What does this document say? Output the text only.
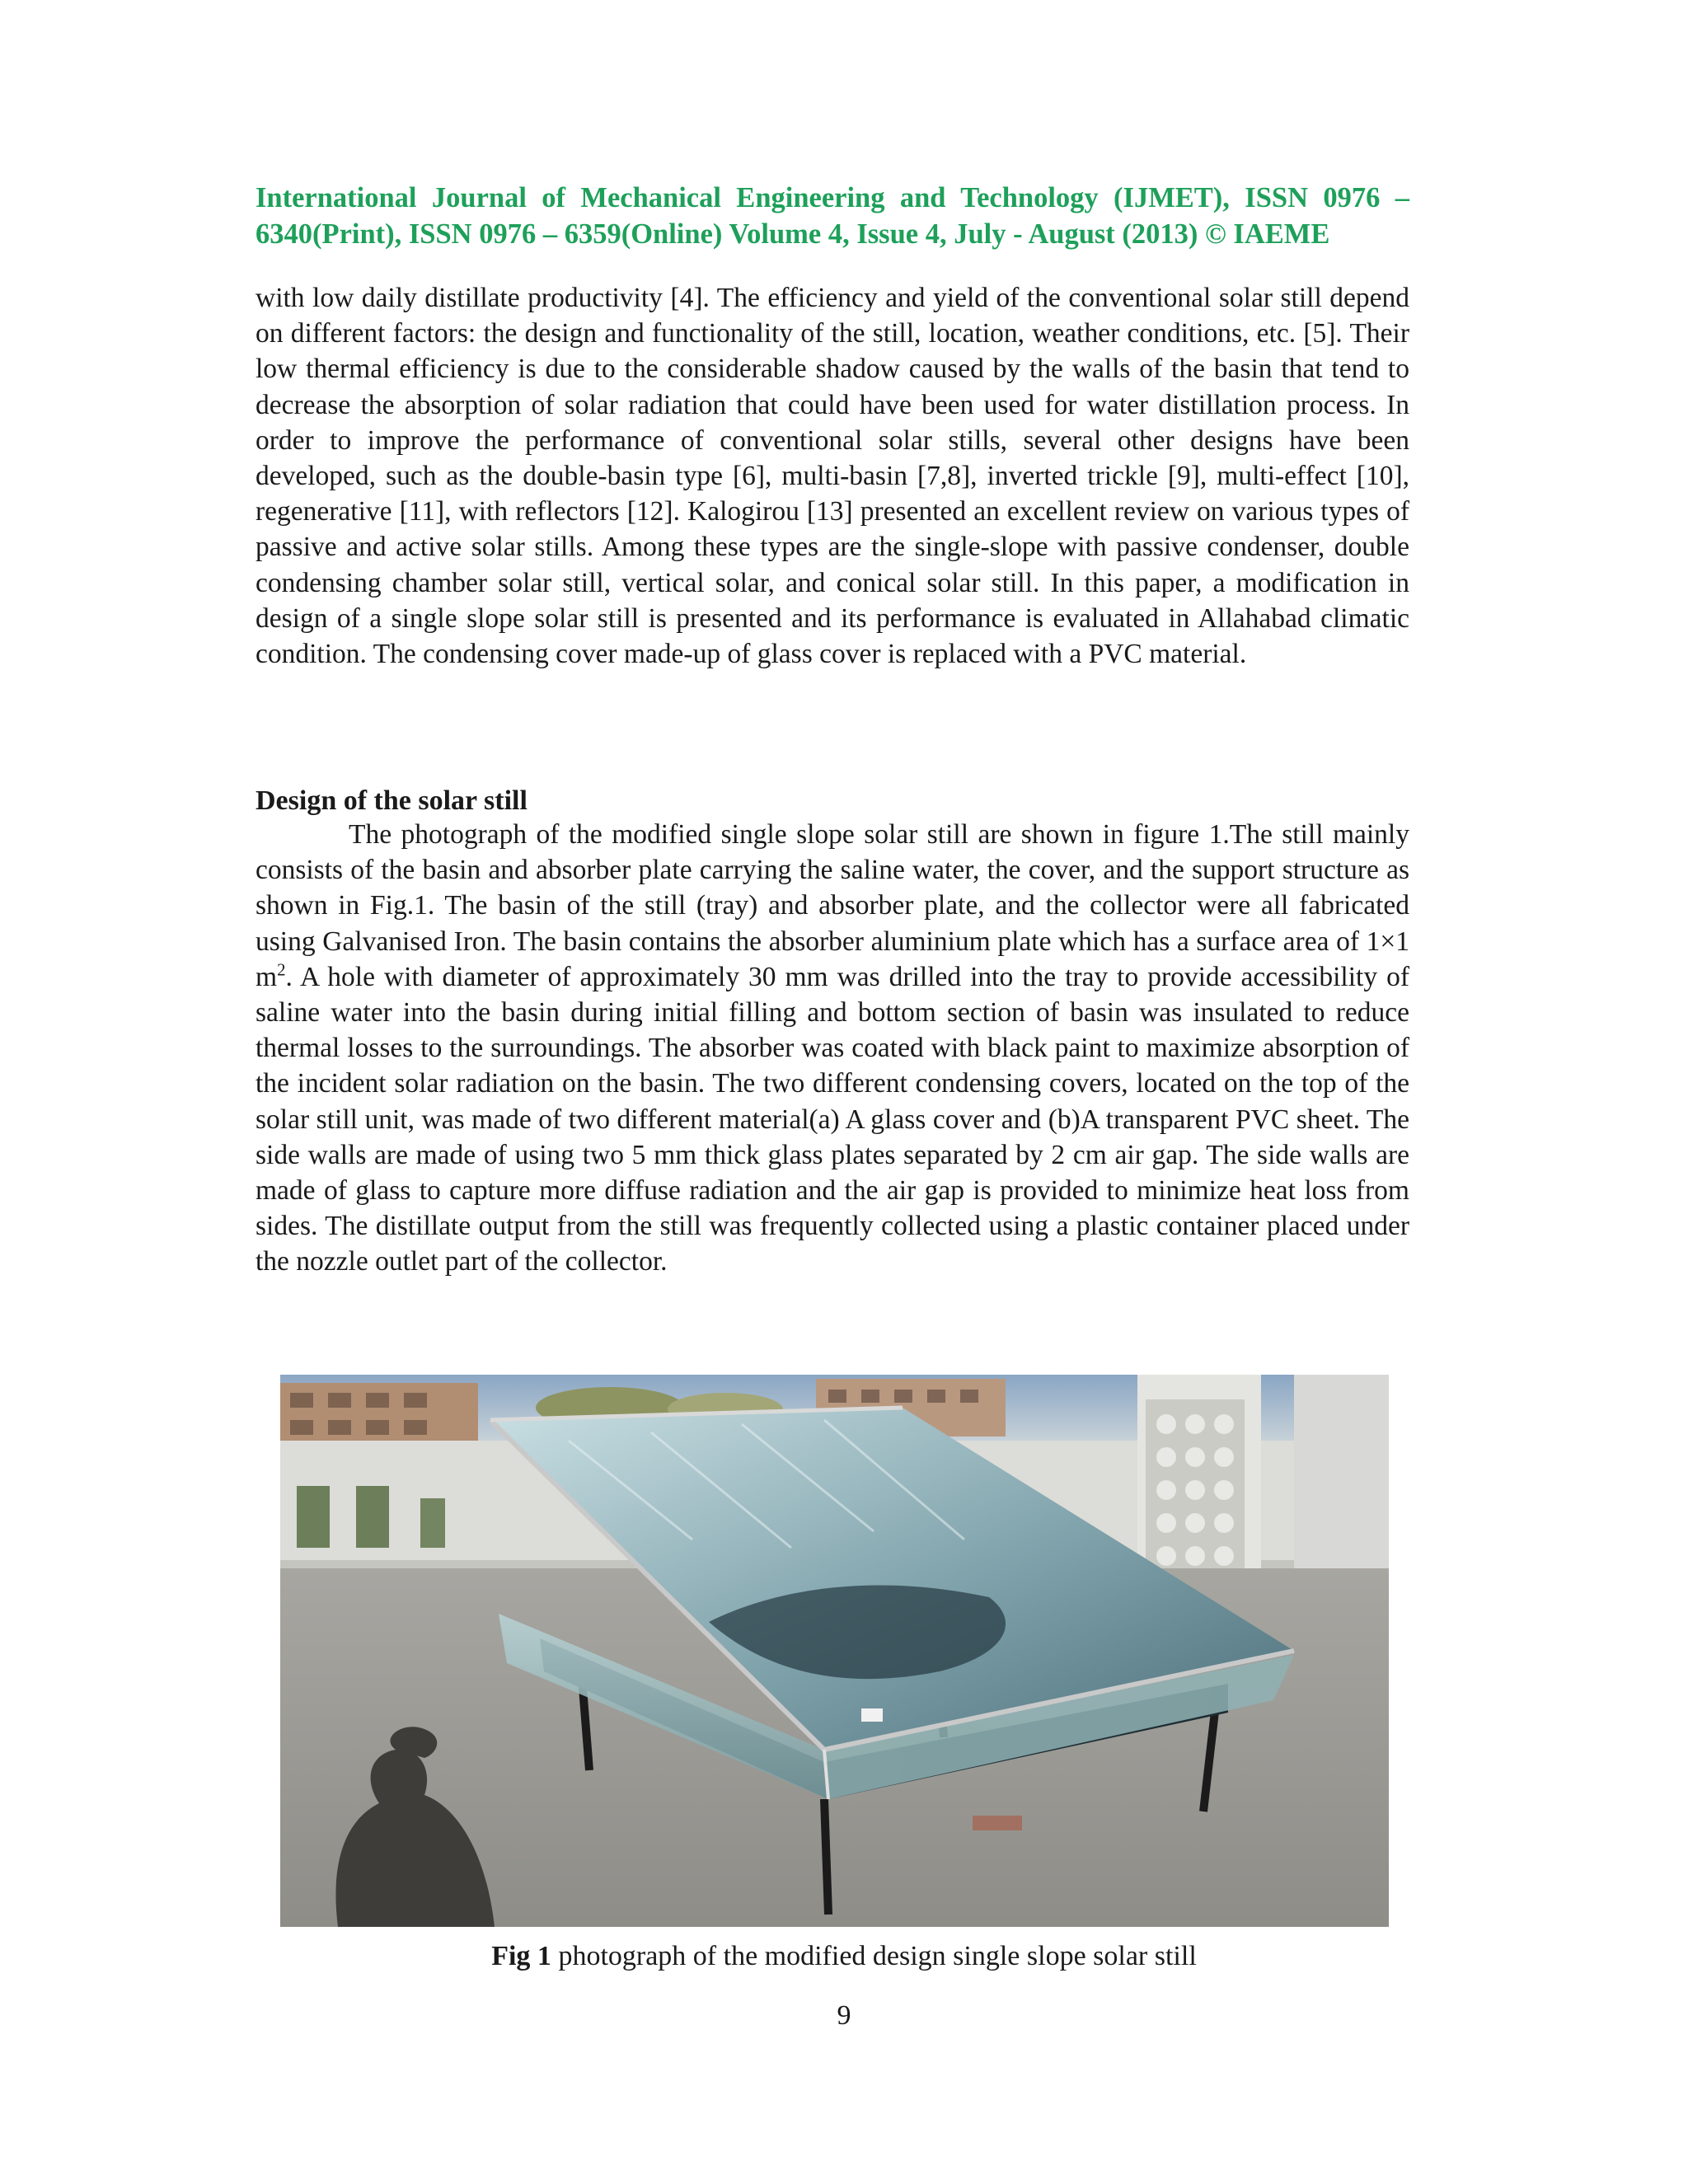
International Journal of Mechanical Engineering and Technology (IJMET), ISSN 0976 – 6340(Print), ISSN 0976 – 6359(Online) Volume 4, Issue 4, July - August (2013) © IAEME

with low daily distillate productivity [4]. The efficiency and yield of the conventional solar still depend on different factors: the design and functionality of the still, location, weather conditions, etc. [5]. Their low thermal efficiency is due to the considerable shadow caused by the walls of the basin that tend to decrease the absorption of solar radiation that could have been used for water distillation process. In order to improve the performance of conventional solar stills, several other designs have been developed, such as the double-basin type [6], multi-basin [7,8], inverted trickle [9], multi-effect [10], regenerative [11], with reflectors [12]. Kalogirou [13] presented an excellent review on various types of passive and active solar stills. Among these types are the single-slope with passive condenser, double condensing chamber solar still, vertical solar, and conical solar still. In this paper, a modification in design of a single slope solar still is presented and its performance is evaluated in Allahabad climatic condition. The condensing cover made-up of glass cover is replaced with a PVC material.

Design of the solar still

The photograph of the modified single slope solar still are shown in figure 1.The still mainly consists of the basin and absorber plate carrying the saline water, the cover, and the support structure as shown in Fig.1. The basin of the still (tray) and absorber plate, and the collector were all fabricated using Galvanised Iron. The basin contains the absorber aluminium plate which has a surface area of 1×1 $m^2$. A hole with diameter of approximately 30 mm was drilled into the tray to provide accessibility of saline water into the basin during initial filling and bottom section of basin was insulated to reduce thermal losses to the surroundings. The absorber was coated with black paint to maximize absorption of the incident solar radiation on the basin. The two different condensing covers, located on the top of the solar still unit, was made of two different material(a) A glass cover and (b)A transparent PVC sheet. The side walls are made of using two 5 mm thick glass plates separated by 2 cm air gap. The side walls are made of glass to capture more diffuse radiation and the air gap is provided to minimize heat loss from sides. The distillate output from the still was frequently collected using a plastic container placed under the nozzle outlet part of the collector.

Fig 1 photograph of the modified design single slope solar still

9
